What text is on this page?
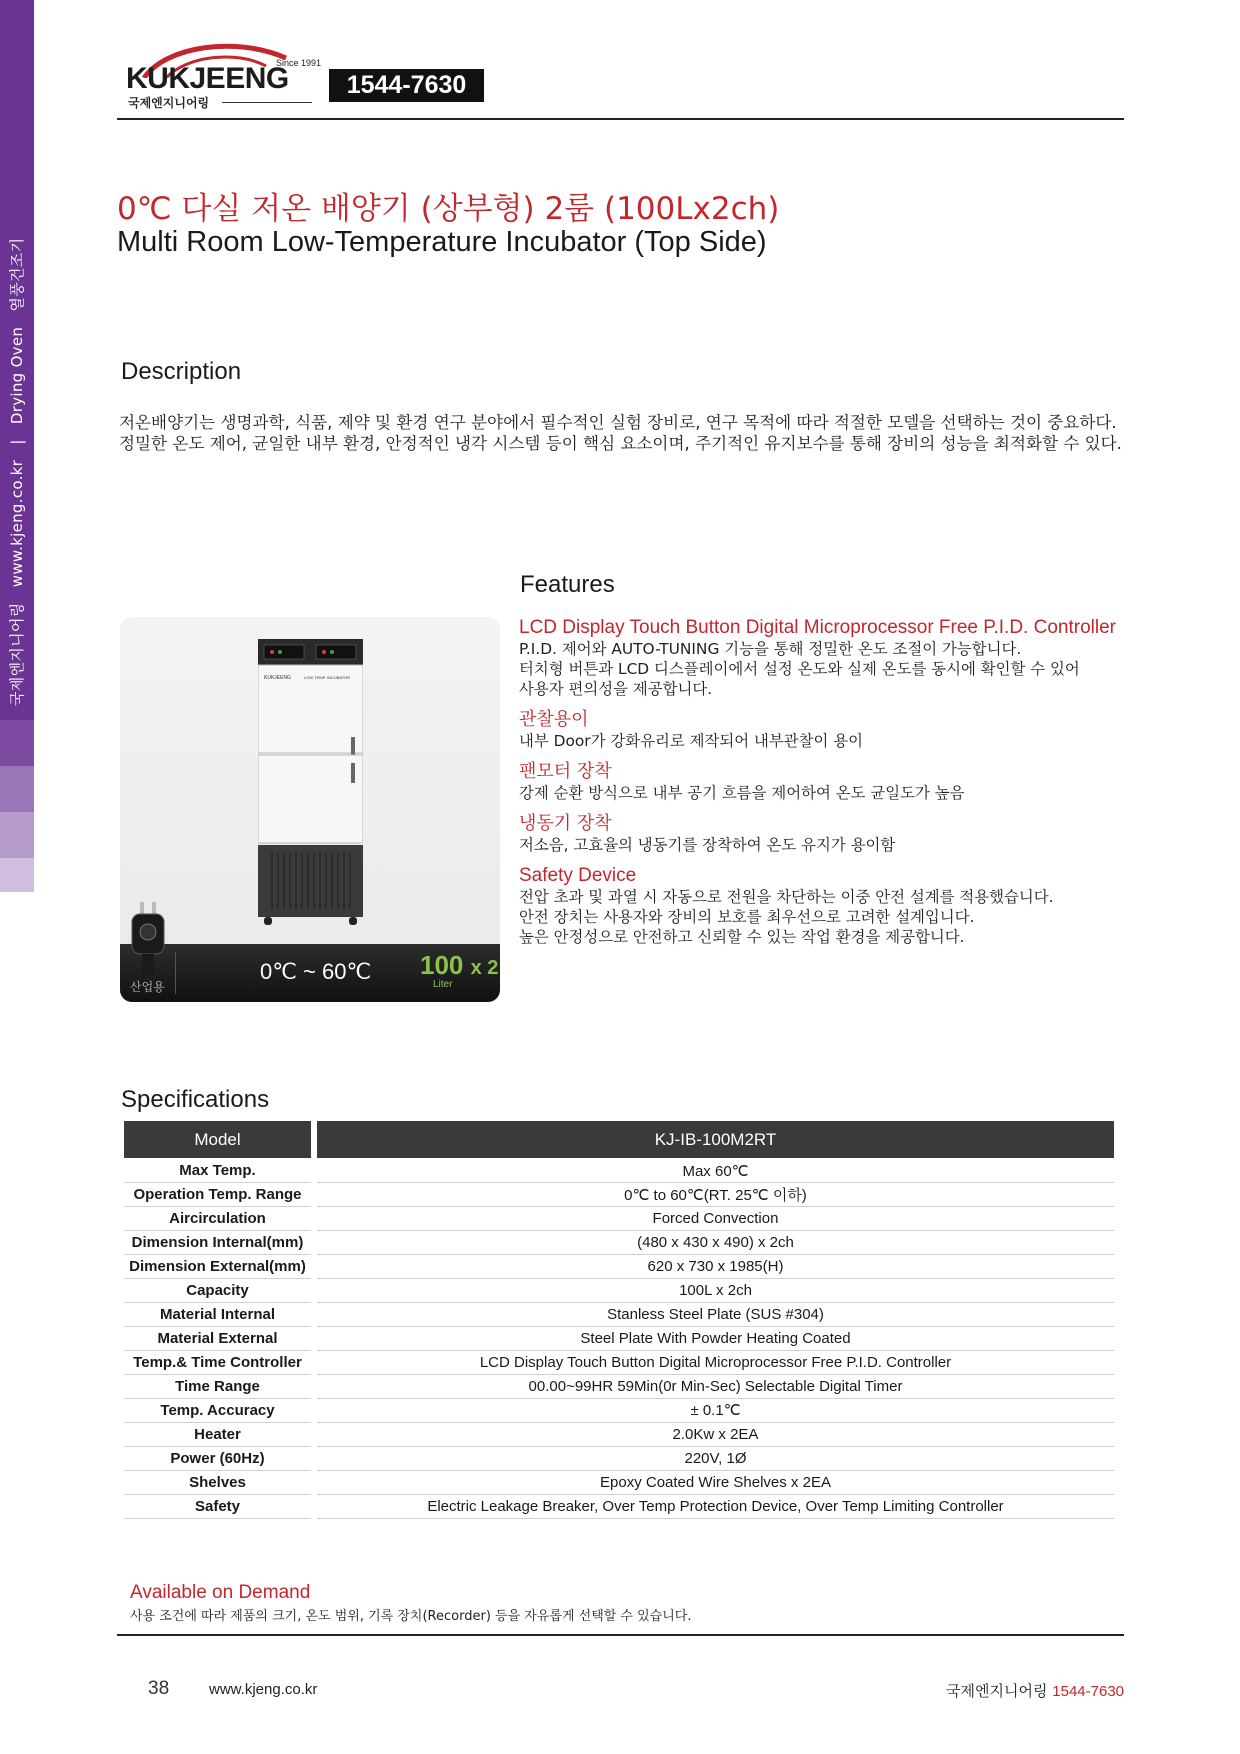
국제엔지니어링   www.kjeng.co.kr   |   Drying Oven   열풍건조기
Since 1991
KUKJEENG
국제엔지니어링
1544-7630
0℃ 다실 저온 배양기 (상부형) 2룸 (100Lx2ch)
Multi Room Low-Temperature Incubator (Top Side)
Description
저온배양기는 생명과학, 식품, 제약 및 환경 연구 분야에서 필수적인 실험 장비로, 연구 목적에 따라 적절한 모델을 선택하는 것이 중요하다. 정밀한 온도 제어, 균일한 내부 환경, 안정적인 냉각 시스템 등이 핵심 요소이며, 주기적인 유지보수를 통해 장비의 성능을 최적화할 수 있다.
KUKJEENG	LOW TEMP. INCUBATOR
산업용
0℃ ~ 60℃ 100 x 2
Liter
Features
LCD Display Touch Button Digital Microprocessor Free P.I.D. Controller
P.I.D. 제어와 AUTO-TUNING 기능을 통해 정밀한 온도 조절이 가능합니다.
터치형 버튼과 LCD 디스플레이에서 설정 온도와 실제 온도를 동시에 확인할 수 있어
사용자 편의성을 제공합니다.
관찰용이
내부 Door가 강화유리로 제작되어 내부관찰이 용이
팬모터 장착
강제 순환 방식으로 내부 공기 흐름을 제어하여 온도 균일도가 높음
냉동기 장착
저소음, 고효율의 냉동기를 장착하여 온도 유지가 용이함
Safety Device
전압 초과 및 과열 시 자동으로 전원을 차단하는 이중 안전 설계를 적용했습니다.
안전 장치는 사용자와 장비의 보호를 최우선으로 고려한 설계입니다.
높은 안정성으로 안전하고 신뢰할 수 있는 작업 환경을 제공합니다.
Specifications
Model	KJ-IB-100M2RT
Max Temp.	Max 60℃
Operation Temp. Range	0℃ to 60℃(RT. 25℃ 이하)
Aircirculation	Forced Convection
Dimension Internal(mm)	(480 x 430 x 490) x 2ch
Dimension External(mm)	620 x 730 x 1985(H)
Capacity	100L x 2ch
Material Internal	Stanless Steel Plate (SUS #304)
Material External	Steel Plate With Powder Heating Coated
Temp.& Time Controller	LCD Display Touch Button Digital Microprocessor Free P.I.D. Controller
Time Range	00.00~99HR 59Min(0r Min-Sec) Selectable Digital Timer
Temp. Accuracy	± 0.1℃
Heater	2.0Kw x 2EA
Power (60Hz)	220V, 1Ø
Shelves	Epoxy Coated Wire Shelves x 2EA
Safety	Electric Leakage Breaker, Over Temp Protection Device, Over Temp Limiting Controller
Available on Demand
사용 조건에 따라 제품의 크기, 온도 범위, 기록 장치(Recorder) 등을 자유롭게 선택할 수 있습니다.
38	www.kjeng.co.kr	국제엔지니어링 1544-7630
